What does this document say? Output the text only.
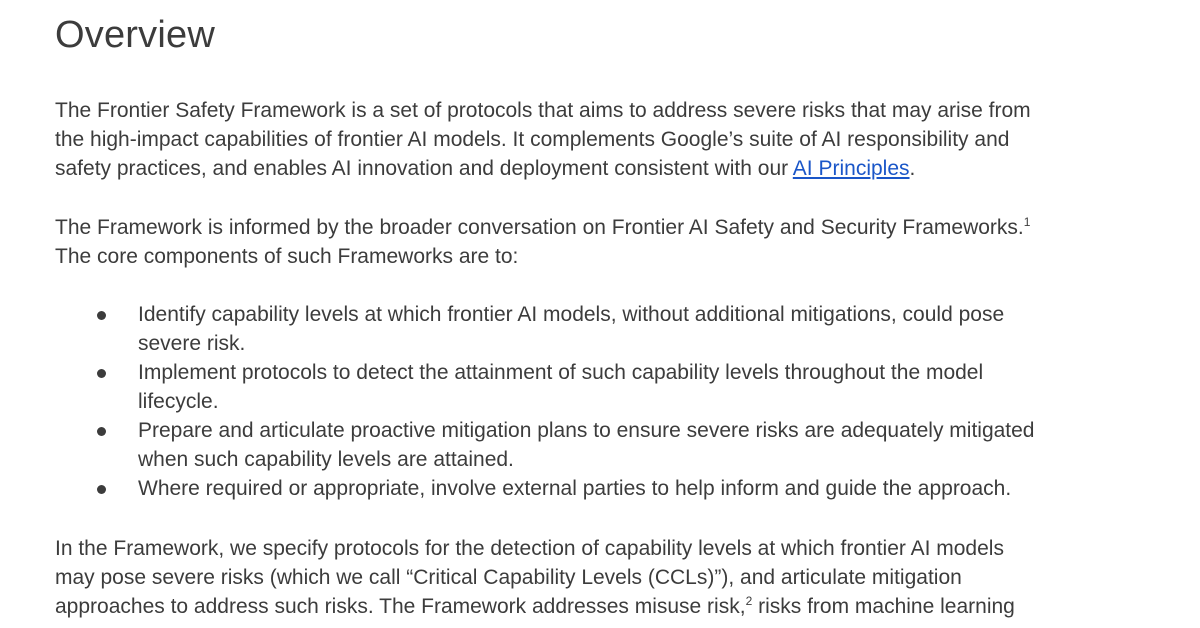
Overview

The Frontier Safety Framework is a set of protocols that aims to address severe risks that may arise from
the high-impact capabilities of frontier AI models. It complements Google’s suite of AI responsibility and
safety practices, and enables AI innovation and deployment consistent with our AI Principles.

The Framework is informed by the broader conversation on Frontier AI Safety and Security Frameworks.$^1$
The core components of such Frameworks are to:

Identify capability levels at which frontier AI models, without additional mitigations, could pose
severe risk.
Implement protocols to detect the attainment of such capability levels throughout the model
lifecycle.
Prepare and articulate proactive mitigation plans to ensure severe risks are adequately mitigated
when such capability levels are attained.
Where required or appropriate, involve external parties to help inform and guide the approach.

In the Framework, we specify protocols for the detection of capability levels at which frontier AI models
may pose severe risks (which we call “Critical Capability Levels (CCLs)”), and articulate mitigation
approaches to address such risks. The Framework addresses misuse risk,$^2$ risks from machine learning
